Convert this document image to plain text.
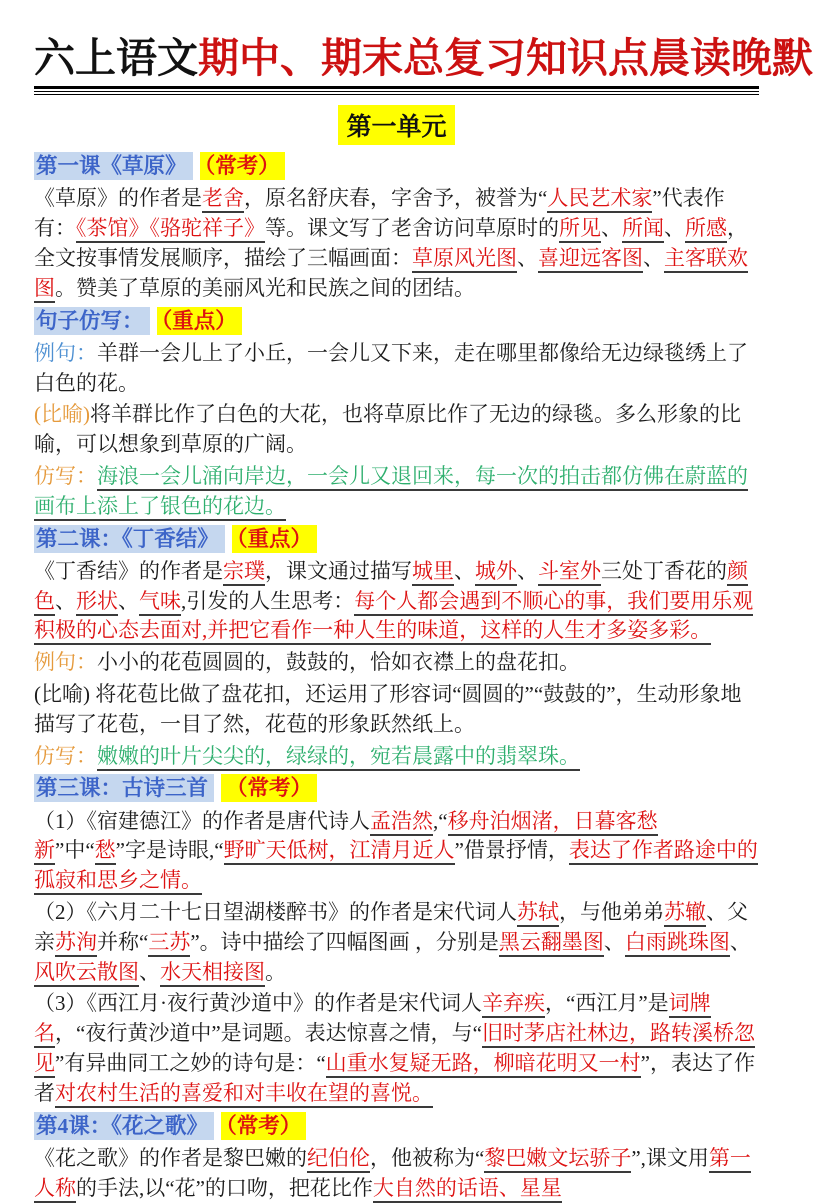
六上语文期中、期末总复习知识点晨读晚默
第一单元
第一课《草原》 （常考）

《草原》的作者是老舍，原名舒庆春，字舍予，被誉为“人民艺术家”代表作有：《茶馆》《骆驼祥子》等。课文写了老舍访问草原时的所见、所闻、所感，全文按事情发展顺序，描绘了三幅画面：草原风光图、喜迎远客图、主客联欢图。赞美了草原的美丽风光和民族之间的团结。

句子仿写： （重点）

例句：羊群一会儿上了小丘，一会儿又下来，走在哪里都像给无边绿毯绣上了白色的花。

(比喻)将羊群比作了白色的大花，也将草原比作了无边的绿毯。多么形象的比喻，可以想象到草原的广阔。

仿写：海浪一会儿涌向岸边，一会儿又退回来，每一次的拍击都仿佛在蔚蓝的画布上添上了银色的花边。

第二课：《丁香结》 （重点）

《丁香结》的作者是宗璞，课文通过描写城里、城外、斗室外三处丁香花的颜色、形状、气味,引发的人生思考：每个人都会遇到不顺心的事，我们要用乐观积极的心态去面对,并把它看作一种人生的味道，这样的人生才多姿多彩。

例句：小小的花苞圆圆的，鼓鼓的，恰如衣襟上的盘花扣。

(比喻) 将花苞比做了盘花扣，还运用了形容词“圆圆的”“鼓鼓的”，生动形象地描写了花苞，一目了然，花苞的形象跃然纸上。

仿写：嫩嫩的叶片尖尖的，绿绿的，宛若晨露中的翡翠珠。

第三课：古诗三首 （常考）

（1）《宿建德江》的作者是唐代诗人孟浩然,“移舟泊烟渚，日暮客愁新”中“愁”字是诗眼,“野旷天低树，江清月近人”借景抒情，表达了作者路途中的孤寂和思乡之情。

（2）《六月二十七日望湖楼醉书》的作者是宋代词人苏轼，与他弟弟苏辙、父亲苏洵并称“三苏”。诗中描绘了四幅图画 ，分别是黑云翻墨图、白雨跳珠图、风吹云散图、水天相接图。

（3）《西江月·夜行黄沙道中》的作者是宋代词人辛弃疾，“西江月”是词牌名，“夜行黄沙道中”是词题。表达惊喜之情，与“旧时茅店社林边，路转溪桥忽见”有异曲同工之妙的诗句是：“山重水复疑无路，柳暗花明又一村”，表达了作者对农村生活的喜爱和对丰收在望的喜悦。

第4课：《花之歌》 （常考）

《花之歌》的作者是黎巴嫩的纪伯伦，他被称为“黎巴嫩文坛骄子”,课文用第一人称的手法,以“花”的口吻，把花比作大自然的话语、星星
